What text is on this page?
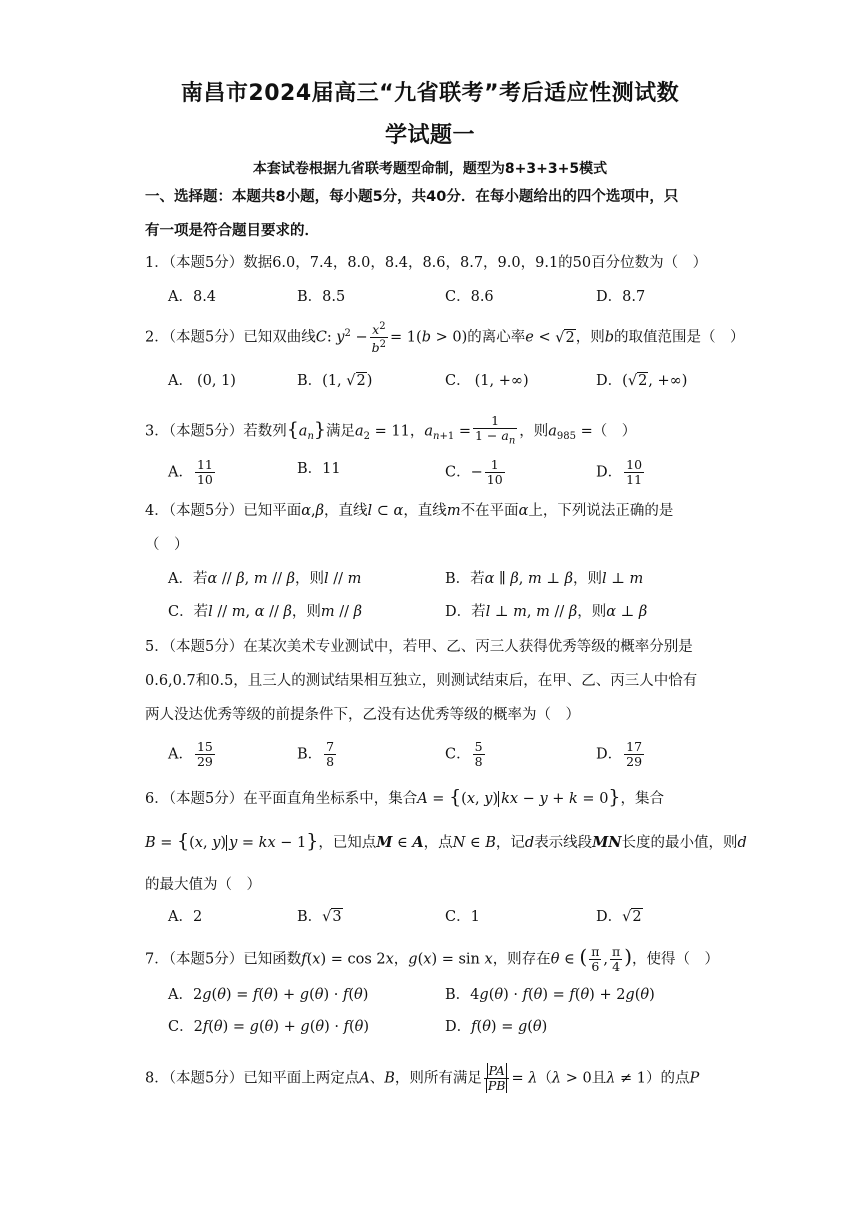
南昌市2024届高三“九省联考”考后适应性测试数
学试题一
本套试卷根据九省联考题型命制，题型为8+3+3+5模式
一、选择题：本题共8小题，每小题5分，共40分．在每小题给出的四个选项中，只
有一项是符合题目要求的．
1．（本题5分）数据6.0，7.4，8.0，8.4，8.6，8.7，9.0，9.1的50百分位数为（　）
A．8.4	B．8.5	C．8.6	D．8.7
2．（本题5分）已知双曲线C: $y^2 - \frac{x^2}{b^2} = 1(b > 0)$的离心率e < √2，则b的取值范围是（　）
A． (0, 1)	B．(1, √2)	C． (1, +∞)	D．(√2, +∞)
3．（本题5分）若数列$\{a_n\}$满足$a_2 = 11$，$a_{n+1} = \frac{1}{1 - a_n}$ ，则$a_{985}$ =（　）
A． $\frac{11}{10}$	B．11	C．− $\frac{1}{10}$	D． $\frac{10}{11}$
4．（本题5分）已知平面α,β，直线l ⊂ α，直线m不在平面α上，下列说法正确的是
（　）
A．若α // β, m // β，则l // m	B．若α ∥ β, m ⊥ β，则l ⊥ m
C．若l // m, α // β，则m // β	D．若l ⊥ m, m // β，则α ⊥ β
5．（本题5分）在某次美术专业测试中，若甲、乙、丙三人获得优秀等级的概率分别是
0.6,0.7和0.5，且三人的测试结果相互独立，则测试结束后，在甲、乙、丙三人中恰有
两人没达优秀等级的前提条件下，乙没有达优秀等级的概率为（　）
A． $\frac{15}{29}$	B． $\frac{7}{8}$	C． $\frac{5}{8}$	D． $\frac{17}{29}$
6．（本题5分）在平面直角坐标系中，集合A = {(x, y) kx − y + k = 0}，集合
B = {(x, y) y = kx − 1}，已知点M ∈ A，点N ∈ B，记d表示线段MN长度的最小值，则d
的最大值为（　）
A．2	B．√3	C．1	D．√2
7．（本题5分）已知函数f(x) = cos 2x，g(x) = sin x，则存在θ ∈ ( $\frac{\pi}{6}$ , $\frac{\pi}{4}$ )，使得（　）
A．2g(θ) = f(θ) + g(θ) · f(θ)	B．4g(θ) · f(θ) = f(θ) + 2g(θ)
C．2f(θ) = g(θ) + g(θ) · f(θ)	D．f(θ) = g(θ)
8．（本题5分）已知平面上两定点A、B，则所有满足 $\frac{PA}{PB} = \lambda(\lambda > 0$且λ ≠ 1）的点P
